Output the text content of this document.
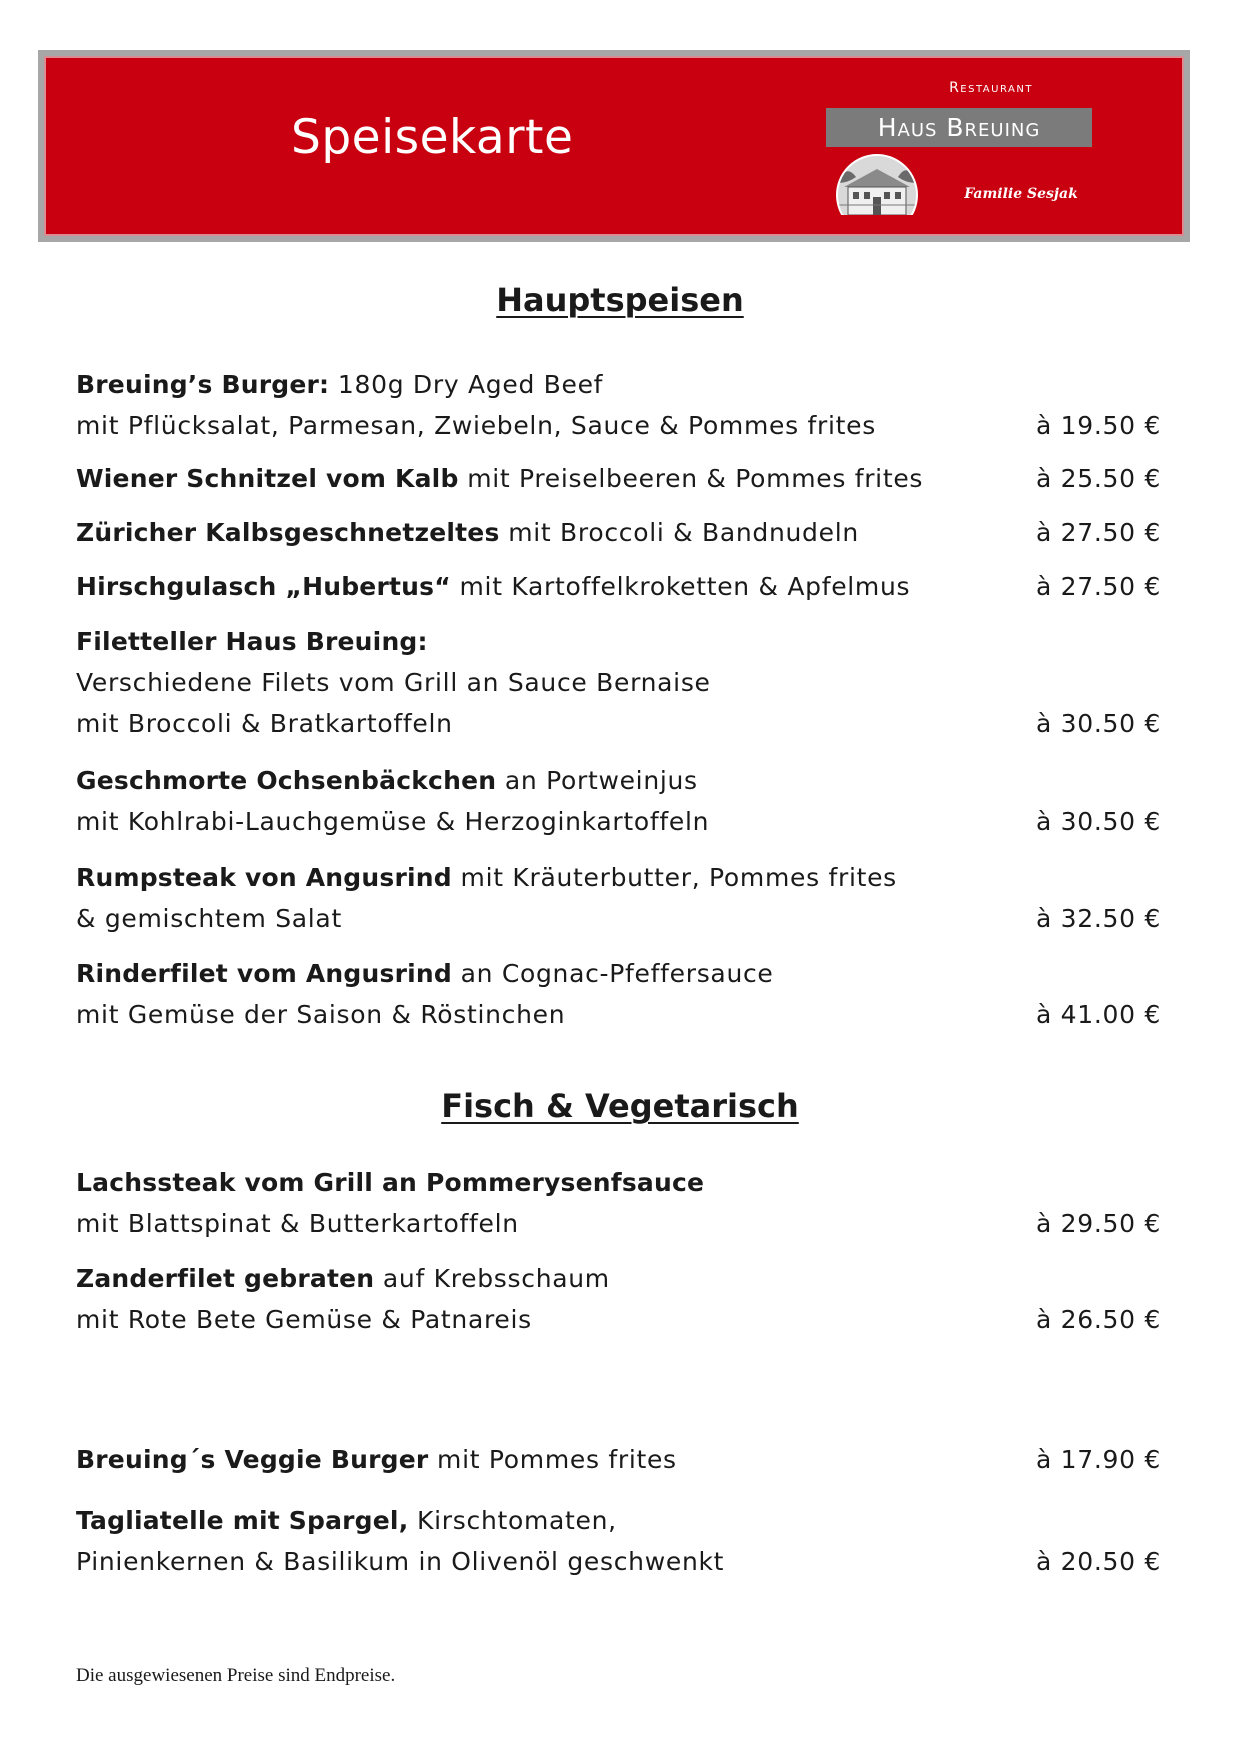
Speisekarte
Restaurant
Haus Breuing
Familie Sesjak
Hauptspeisen
Breuing’s Burger: 180g Dry Aged Beef
mit Pflücksalat, Parmesan, Zwiebeln, Sauce & Pommes frites	à 19.50 €
Wiener Schnitzel vom Kalb mit Preiselbeeren & Pommes frites	à 25.50 €
Züricher Kalbsgeschnetzeltes mit Broccoli & Bandnudeln	à 27.50 €
Hirschgulasch „Hubertus“ mit Kartoffelkroketten & Apfelmus	à 27.50 €
Filetteller Haus Breuing:
Verschiedene Filets vom Grill an Sauce Bernaise
mit Broccoli & Bratkartoffeln	à 30.50 €
Geschmorte Ochsenbäckchen an Portweinjus
mit Kohlrabi-Lauchgemüse & Herzoginkartoffeln	à 30.50 €
Rumpsteak von Angusrind mit Kräuterbutter, Pommes frites
& gemischtem Salat	à 32.50 €
Rinderfilet vom Angusrind an Cognac-Pfeffersauce
mit Gemüse der Saison & Röstinchen	à 41.00 €
Fisch & Vegetarisch
Lachssteak vom Grill an Pommerysenfsauce
mit Blattspinat & Butterkartoffeln	à 29.50 €
Zanderfilet gebraten auf Krebsschaum
mit Rote Bete Gemüse & Patnareis	à 26.50 €
Breuing´s Veggie Burger mit Pommes frites	à 17.90 €
Tagliatelle mit Spargel, Kirschtomaten,
Pinienkernen & Basilikum in Olivenöl geschwenkt	à 20.50 €
Die ausgewiesenen Preise sind Endpreise.
